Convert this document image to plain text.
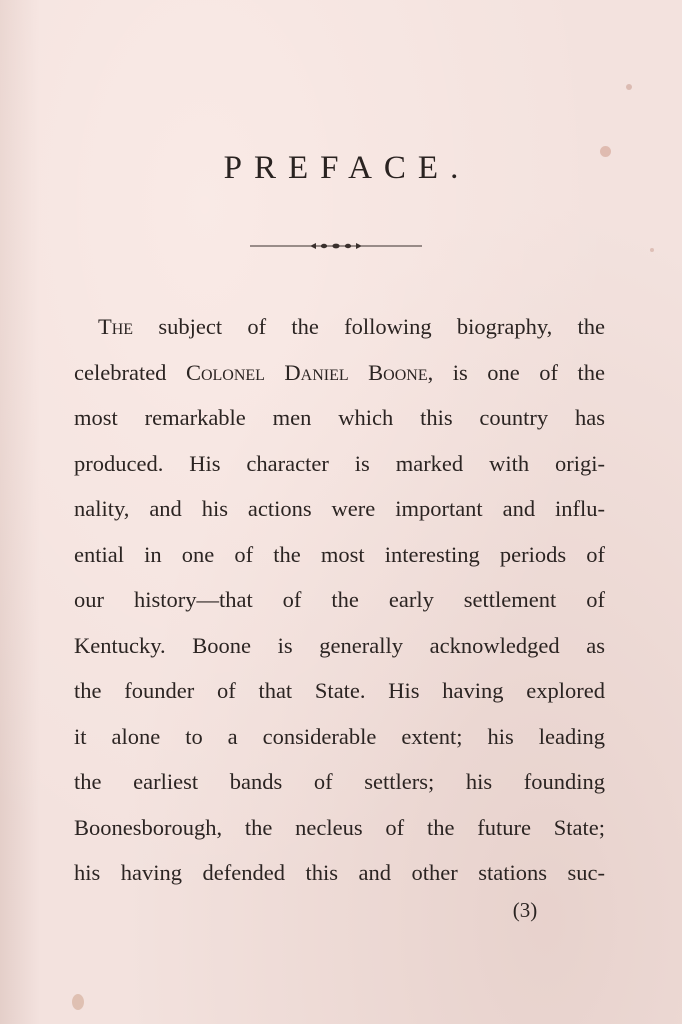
PREFACE.
The subject of the following biography, the
celebrated Colonel Daniel Boone, is one of the
most remarkable men which this country has
produced. His character is marked with origi-
nality, and his actions were important and influ-
ential in one of the most interesting periods of
our history—that of the early settlement of
Kentucky. Boone is generally acknowledged as
the founder of that State. His having explored
it alone to a considerable extent; his leading
the earliest bands of settlers; his founding
Boonesborough, the necleus of the future State;
his having defended this and other stations suc-
(3)
